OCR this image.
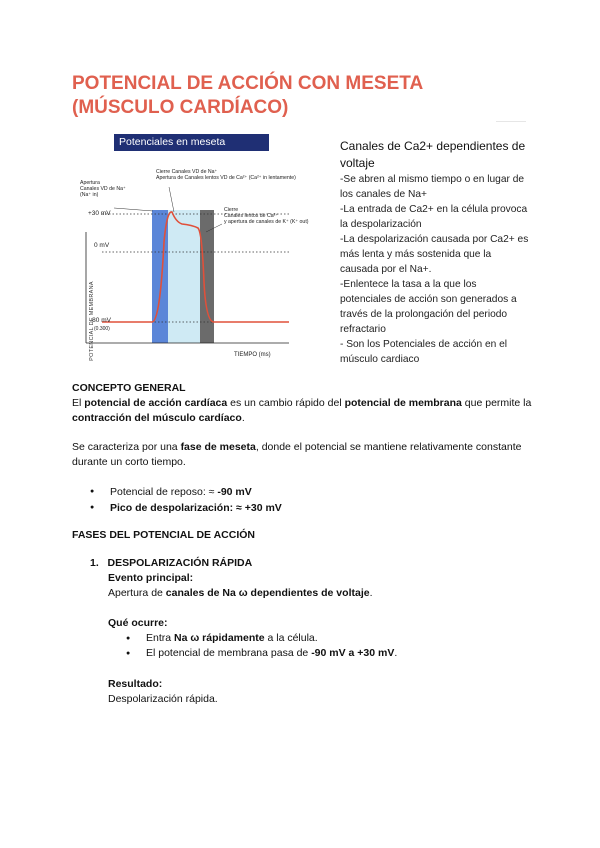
POTENCIAL DE ACCIÓN CON MESETA
(MÚSCULO CARDÍACO)
Potenciales en meseta
Apertura
Canales VD de Na⁺
(Na⁺ in)
Cierre Canales VD de Na⁺
Apertura de Canales lentos VD de Ca²⁺ (Ca²⁺ in lentamente)
Cierre
Canales lentos de Ca²⁺
y apertura de canales de K⁺ (K⁺ out)
+30 mV
0 mV
-80 mV
(0.300)
TIEMPO (ms)
POTENCIAL DE MEMBRANA
Canales de Ca2+ dependientes de voltaje

-Se abren al mismo tiempo o en lugar de los canales de Na+

-La entrada de Ca2+ en la célula provoca la despolarización

-La despolarización causada por Ca2+ es más lenta y más sostenida que la causada por el Na+.

-Enlentece la tasa a la que los potenciales de acción son generados a través de la prolongación del periodo refractario

- Son los Potenciales de acción en el músculo cardiaco

CONCEPTO GENERAL
El potencial de acción cardíaca es un cambio rápido del potencial de membrana que permite la contracción del músculo cardíaco.
Se caracteriza por una fase de meseta, donde el potencial se mantiene relativamente constante durante un corto tiempo.
● Potencial de reposo: ≈ -90 mV
● Pico de despolarización: ≈ +30 mV
FASES DEL POTENCIAL DE ACCIÓN
1. DESPOLARIZACIÓN RÁPIDA
Evento principal:
Apertura de canales de Na ω dependientes de voltaje.
Qué ocurre:
● Entra Na ω rápidamente a la célula.
● El potencial de membrana pasa de -90 mV a +30 mV.
Resultado:
Despolarización rápida.
